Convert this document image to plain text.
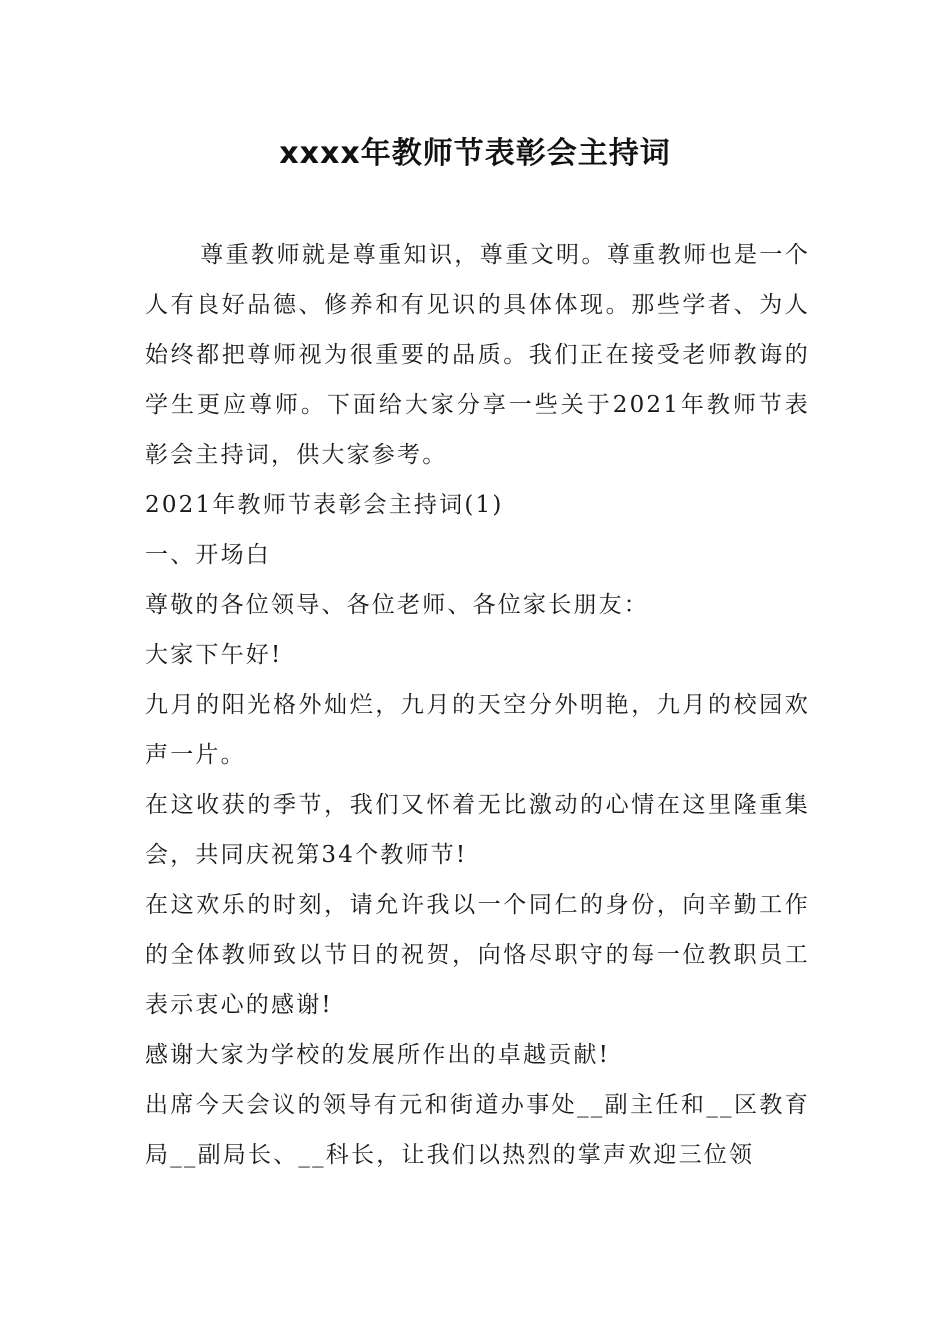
xxxx年教师节表彰会主持词

尊重教师就是尊重知识，尊重文明。尊重教师也是一个人有良好品德、修养和有见识的具体体现。那些学者、为人始终都把尊师视为很重要的品质。我们正在接受老师教诲的学生更应尊师。下面给大家分享一些关于2021年教师节表彰会主持词，供大家参考。

2021年教师节表彰会主持词(1)

一、开场白

尊敬的各位领导、各位老师、各位家长朋友：

大家下午好!

九月的阳光格外灿烂，九月的天空分外明艳，九月的校园欢声一片。

在这收获的季节，我们又怀着无比激动的心情在这里隆重集会，共同庆祝第34个教师节!

在这欢乐的时刻，请允许我以一个同仁的身份，向辛勤工作的全体教师致以节日的祝贺，向恪尽职守的每一位教职员工表示衷心的感谢!

感谢大家为学校的发展所作出的卓越贡献!

出席今天会议的领导有元和街道办事处__副主任和__区教育局__副局长、__科长，让我们以热烈的掌声欢迎三位领
